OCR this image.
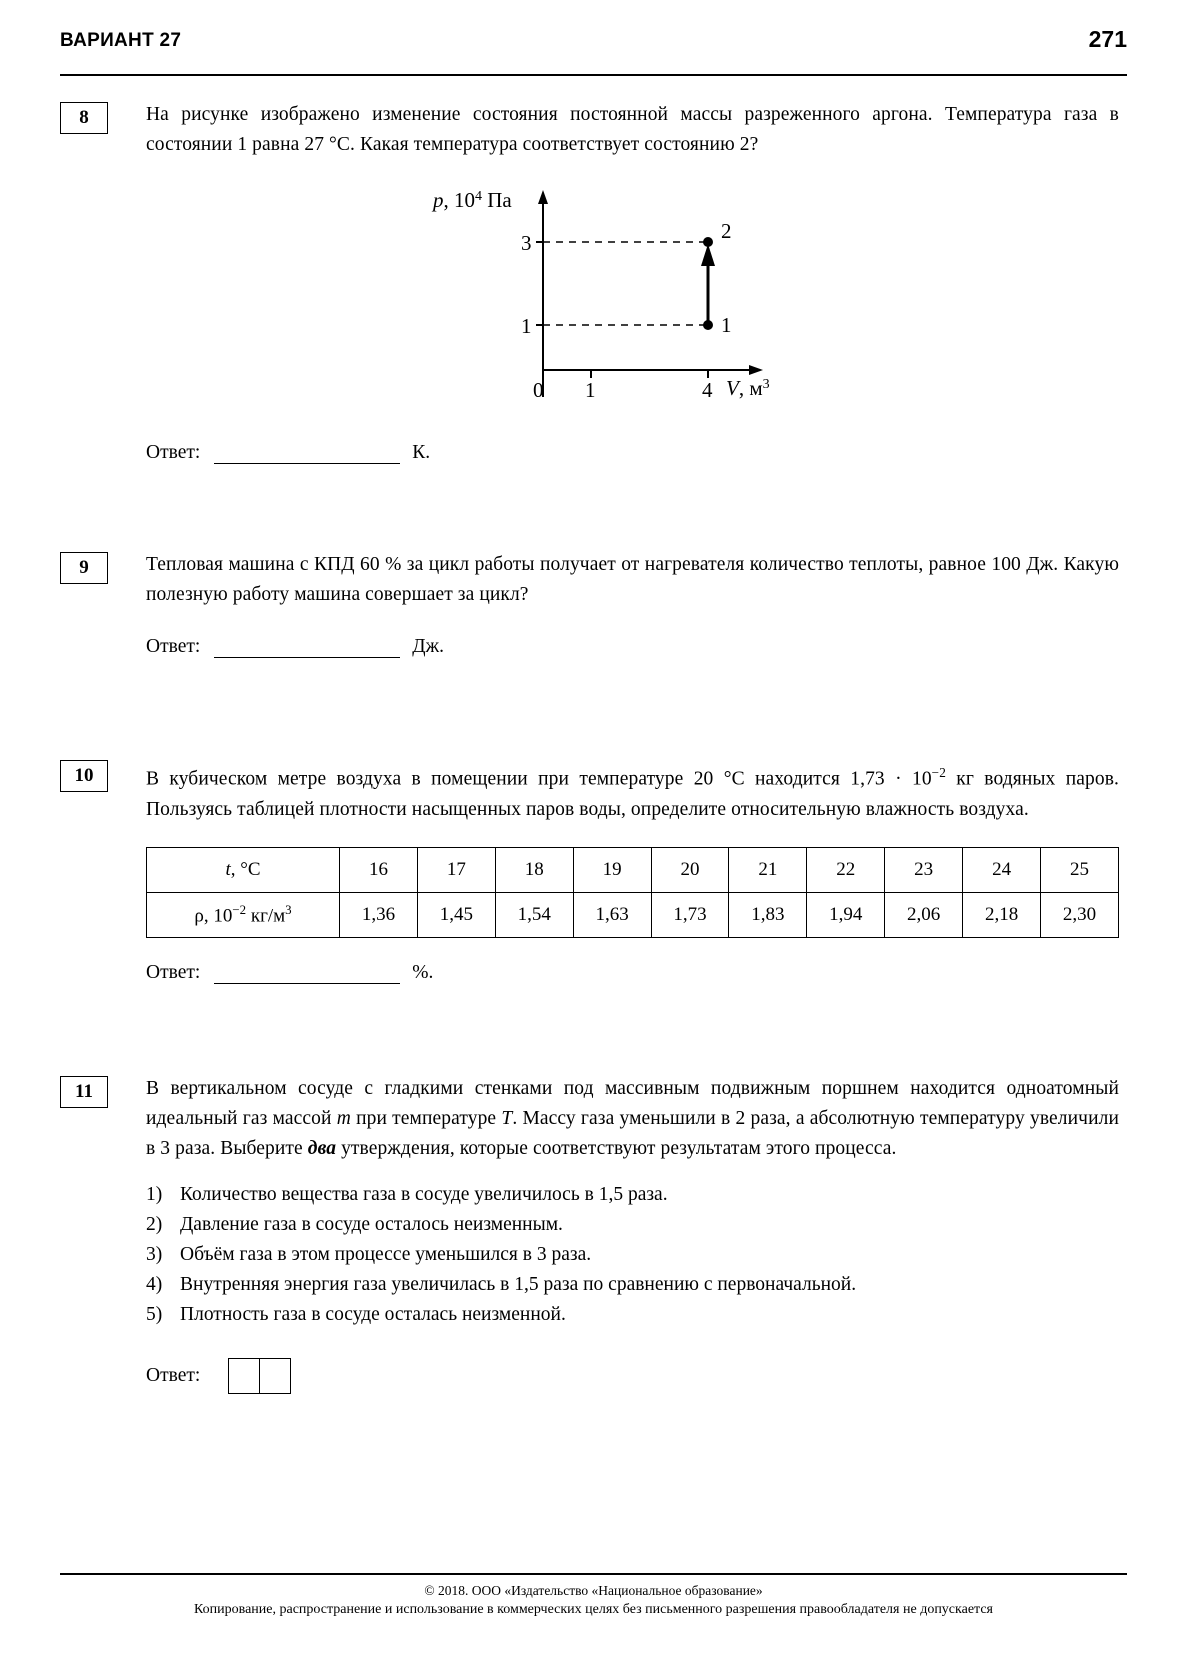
ВАРИАНТ 27	271
8	На рисунке изображено изменение состояния постоянной массы разреженного аргона. Температура газа в состоянии 1 равна 27 °C. Какая температура соответствует состоянию 2?
3
1
0 1	4
2
1
p, $10^4$ Па
V, $м^3$
Ответ:	К.
9	Тепловая машина с КПД 60 % за цикл работы получает от нагревателя количество теплоты, равное 100 Дж. Какую полезную работу машина совершает за цикл?
Ответ:	Дж.
10	В кубическом метре воздуха в помещении при температуре 20 °C находится $1,73 \cdot 10^{-2}$ кг водяных паров. Пользуясь таблицей плотности насыщенных паров воды, определите относительную влажность воздуха.
t, °C	16	17	18	19	20	21	22	23	24	25
ρ, $10^{-2}$ $кг/м^3$	1,36	1,45	1,54	1,63	1,73	1,83	1,94	2,06	2,18	2,30
Ответ:	%.
11	В вертикальном сосуде с гладкими стенками под массивным подвижным поршнем находится одноатомный идеальный газ массой m при температуре T. Массу газа уменьшили в 2 раза, а абсолютную температуру увеличили в 3 раза. Выберите два утверждения, которые соответствуют результатам этого процесса.
1) Количество вещества газа в сосуде увеличилось в 1,5 раза.
2) Давление газа в сосуде осталось неизменным.
3) Объём газа в этом процессе уменьшился в 3 раза.
4) Внутренняя энергия газа увеличилась в 1,5 раза по сравнению с первоначальной.
5) Плотность газа в сосуде осталась неизменной.
Ответ:
© 2018. ООО «Издательство «Национальное образование»
Копирование, распространение и использование в коммерческих целях без письменного разрешения правообладателя не допускается
